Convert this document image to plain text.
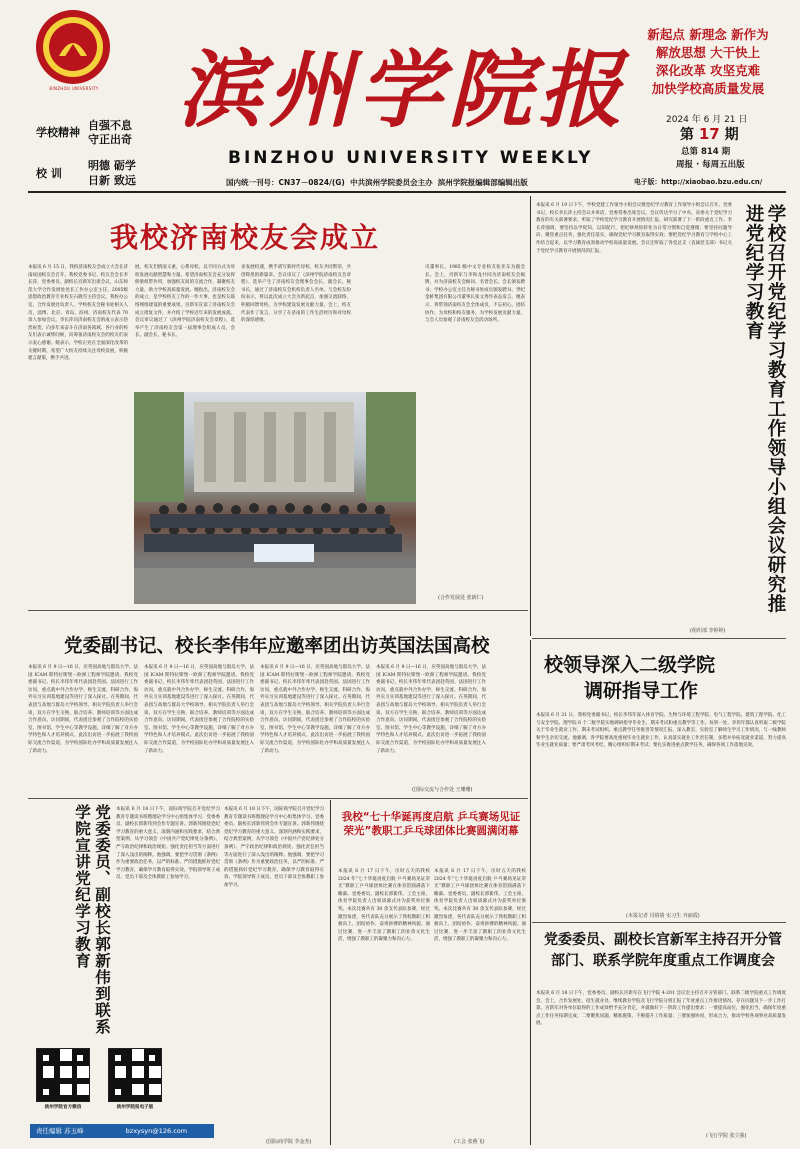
BINZHOU UNIVERSITY
学校精神
自强不息
守正出奇
校 训
明德 砺学
日新 致远
滨州学院报
BINZHOU UNIVERSITY WEEKLY
新起点 新理念 新作为
解放思想 大干快上
深化改革 攻坚克难
加快学校高质量发展
2024 年 6 月 21 日
第 17 期
总第 814 期
周报 · 每周五出版
电子版：http://xiaobao.bzu.edu.cn/
国内统一刊号：CN37－0824/(G)  中共滨州学院委员会主办  滨州学院报编辑部编辑出版
我校济南校友会成立
本报讯 6 月 15 日，我校济南校友会成立大会在济南故国校友会召开。我校党委书记、校友会会长李长萍，党委委员、副校长宫新军出席会议，山东师范大学合作发展处处长工作办公室主任、2005级思想政治教育专业校友石晓雪主持会议。我校办公室、合作发展处负责人，学校校友会秘书处相关人员，淄博、北京、青岛、滨州、济南校友代表 70 余人参加会议。李长萍向济南校友会的成立表示热烈祝贺，向多年来奋斗在济南各领域、各行业的校友们表示诚挚问候，向筹备济南校友会的校友们表示衷心感谢。她表示，学校正处在全面深化改革的关键时期，希望广大校友持续关注母校发展，积极建言献策，携手共进。
展，校友们情深义重，心系母校，以不同方式为母校发展贡献智慧和力量。希望济南校友会充分发挥桥梁纽带作用，加强校友间的交流合作，凝聚校友力量，助力学校高质量发展。她指出，济南校友会的成立，是学校校友工作的一件大事，也是校友联络网络建设的重要成果。宫新军宣读了济南校友会成立批复文件，并介绍了学校近年来的发展成就。会议审议通过了《滨州学院济南校友会章程》，选举产生了济南校友会第一届理事会组成人员，会长、副会长、秘书长。
多发展机遇，携手谱写新时代母校、校友共同繁荣、共创辉煌的新篇章。会议审议了《滨州学院济南校友会章程》、选举产生了济南校友会理事会会长、副会长、秘书长，通过了济南校友会机构负责人名单。与会校友纷纷表示，将以此次成立大会为新起点，加强交流联络，积极回馈母校，为学校建设发展贡献力量。会上，校友代表作了发言，分享了在济南的工作生活经历和对母校的深厚感情。
司董事长、1985 级中文专业校友张亚东为副会长。会上，宫新军与李和龙共同为济南校友会揭牌，并为济南校友会顾问、名誉会长、会长颁发聘书；学校办公室主任为秘书处成员颁发聘书。世纪金桥集团有限公司董事长张文秀作表态发言，她表示，将带领济南校友会全体成员，不忘初心，团结协作，为母校和校友服务，为学校发展贡献力量。与会人员参观了济南校友会活动场所。
(合作发展处 张新仁)
本报讯 6 月 19 日下午，学校党建工作领导小组会议暨党纪学习教育工作领导小组会议召开。党委书记、校长李长萍主持会议并讲话，党委常委出席会议。会议传达学习了中央、省委关于党纪学习教育的有关部署要求，听取了学校党纪学习教育开展情况汇报，研究部署了下一阶段重点工作。李长萍强调，要坚持以学促知、以知促行，把纪律规矩转化为日常习惯和自觉遵循；要坚持问题导向，聚焦重点任务，强化责任落实，确保党纪学习教育取得实效；要把党纪学习教育与学校中心工作结合起来，以学习教育成效推动学校高质量发展。会议还听取了各党总支（直属党支部）书记关于党纪学习教育开展情况的汇报。	学校召开党纪学习教育工作领导小组会议研究推进党纪学习教育
(组织部 李婷婷)
党委副书记、校长李伟年应邀率团出访英国法国高校
本报讯 6 月 9 日—16 日，应英国高地与群岛大学、法国 ICAM 斯特拉斯堡－欧洲工程师学院邀请，我校党委副书记、校长李伟年率代表团赴英国、法国进行工作访问，重点就中外合作办学、师生交流、科研合作、海外实习实训基地建设等进行了深入探讨。在英期间，代表团与高地与群岛大学校领导、相关学院负责人举行会谈，双方在学生交换、联合培养、教师培训等方面达成合作意向。访问期间，代表团还参观了合作院校的实验室、图书馆、学生中心等教学设施，详细了解了对方办学特色和人才培养模式。此次出访进一步拓展了我校国际交流合作渠道，为学校国际化办学和高质量发展注入了新动力。
本报讯 6 月 9 日—16 日，应英国高地与群岛大学、法国 ICAM 斯特拉斯堡－欧洲工程师学院邀请，我校党委副书记、校长李伟年率代表团赴英国、法国进行工作访问，重点就中外合作办学、师生交流、科研合作、海外实习实训基地建设等进行了深入探讨。在英期间，代表团与高地与群岛大学校领导、相关学院负责人举行会谈，双方在学生交换、联合培养、教师培训等方面达成合作意向。访问期间，代表团还参观了合作院校的实验室、图书馆、学生中心等教学设施，详细了解了对方办学特色和人才培养模式。此次出访进一步拓展了我校国际交流合作渠道，为学校国际化办学和高质量发展注入了新动力。
本报讯 6 月 9 日—16 日，应英国高地与群岛大学、法国 ICAM 斯特拉斯堡－欧洲工程师学院邀请，我校党委副书记、校长李伟年率代表团赴英国、法国进行工作访问，重点就中外合作办学、师生交流、科研合作、海外实习实训基地建设等进行了深入探讨。在英期间，代表团与高地与群岛大学校领导、相关学院负责人举行会谈，双方在学生交换、联合培养、教师培训等方面达成合作意向。访问期间，代表团还参观了合作院校的实验室、图书馆、学生中心等教学设施，详细了解了对方办学特色和人才培养模式。此次出访进一步拓展了我校国际交流合作渠道，为学校国际化办学和高质量发展注入了新动力。
本报讯 6 月 9 日—16 日，应英国高地与群岛大学、法国 ICAM 斯特拉斯堡－欧洲工程师学院邀请，我校党委副书记、校长李伟年率代表团赴英国、法国进行工作访问，重点就中外合作办学、师生交流、科研合作、海外实习实训基地建设等进行了深入探讨。在英期间，代表团与高地与群岛大学校领导、相关学院负责人举行会谈，双方在学生交换、联合培养、教师培训等方面达成合作意向。访问期间，代表团还参观了合作院校的实验室、图书馆、学生中心等教学设施，详细了解了对方办学特色和人才培养模式。此次出访进一步拓展了我校国际交流合作渠道，为学校国际化办学和高质量发展注入了新动力。
(国际交流与合作处 王珊珊)
校领导深入二级学院
调研指导工作
本报讯 6 月 21 日，我校党委副书记、校长李伟年深入体育学院、生物与环境工程学院、电气工程学院、建筑工程学院、化工与安全学院、理学院 6 个二级学院实地调研指导毕业生、期末考试和重点教学等工作。每到一处，李伟年都认真听取二级学院关于毕业生就业工作、期末考试组织、重点教学任务推进等情况汇报，深入教室、实验室了解师生学习工作情况，与一线教师和学生亲切交流。他强调，各学院要高度重视毕业生就业工作，认真落实就业工作责任制，多措并举拓宽就业渠道，努力提高毕业生就业质量；要严肃考风考纪，精心组织好期末考试；要扎实推进重点教学任务，确保各项工作落地见效。
(本报记者 闫倩倩 实习生 齐丽霞)
党委委员、副校长郭新伟到联系学院宣讲党纪学习教育	本报讯 6 月 18 日下午，国际商学院召开党纪学习教育专题读书班暨理论学习中心组集体学习。党委委员、副校长郭新伟到会作专题宣讲。郭新伟围绕党纪学习教育的重大意义、深刻内涵和实践要求，结合典型案例，从学习领会《中国共产党纪律处分条例》、严守政治纪律和政治规矩、强化责任担当等方面进行了深入浅出的阐释。他强调，要把学习贯彻《条例》作为重要政治任务，以严的标准、严的措施抓好党纪学习教育，确保学习教育取得实效。学院领导班子成员、党员干部及全体教职工参加学习。
本报讯 6 月 18 日下午，国际商学院召开党纪学习教育专题读书班暨理论学习中心组集体学习。党委委员、副校长郭新伟到会作专题宣讲。郭新伟围绕党纪学习教育的重大意义、深刻内涵和实践要求，结合典型案例，从学习领会《中国共产党纪律处分条例》、严守政治纪律和政治规矩、强化责任担当等方面进行了深入浅出的阐释。他强调，要把学习贯彻《条例》作为重要政治任务，以严的标准、严的措施抓好党纪学习教育，确保学习教育取得实效。学院领导班子成员、党员干部及全体教职工参加学习。
(国际商学院 李金杰)
滨州学院官方微信	滨州学院报电子版
责任编辑 苏玉峰	bzxysyn@126.com
我校“七十华诞再度启航 乒乓赛场见证荣光”教职工乒乓球团体比赛圆满闭幕
本报讯 6 月 17 日下午，历时五天的我校 2024 年“七十华诞再度启航 乒乓赛场见证荣光”教职工乒乓球团体比赛在体育馆圆满落下帷幕。党委委员、副校长郭新伟，工会主席、体育学院负责人出席闭幕式并为获奖单位颁奖。本次比赛共有 30 余支代表队参赛，经过激烈角逐，各代表队充分展示了我校教职工积极向上、团结协作、奋勇拼搏的精神风貌。通过比赛，进一步丰富了教职工的业余文化生活，增强了教职工的凝聚力和向心力。
本报讯 6 月 17 日下午，历时五天的我校 2024 年“七十华诞再度启航 乒乓赛场见证荣光”教职工乒乓球团体比赛在体育馆圆满落下帷幕。党委委员、副校长郭新伟，工会主席、体育学院负责人出席闭幕式并为获奖单位颁奖。本次比赛共有 30 余支代表队参赛，经过激烈角逐，各代表队充分展示了我校教职工积极向上、团结协作、奋勇拼搏的精神风貌。通过比赛，进一步丰富了教职工的业余文化生活，增强了教职工的凝聚力和向心力。
(工会 张燕飞)
党委委员、副校长宫新军主持召开分管部门、联系学院年度重点工作调度会
本报讯 6 月 18 日下午，党委委员、副校长宫新军在飞行学院 4-201 会议室主持召开分管部门、联系二级学院重点工作调度会。会上，合作发展处、招生就业处、继续教育学院及飞行学院分别汇报了年度重点工作推进情况、存在问题及下一步工作打算。宫新军对各单位取得的工作成效给予充分肯定，并就做好下一阶段工作提出要求：一要提高站位，强化担当，确保年度重点工作任务按期完成；二要聚焦问题，精准施策，不断提升工作质量；三要加强协同，形成合力，推动学校各项事业高质量发展。
(飞行学院 张立强)
